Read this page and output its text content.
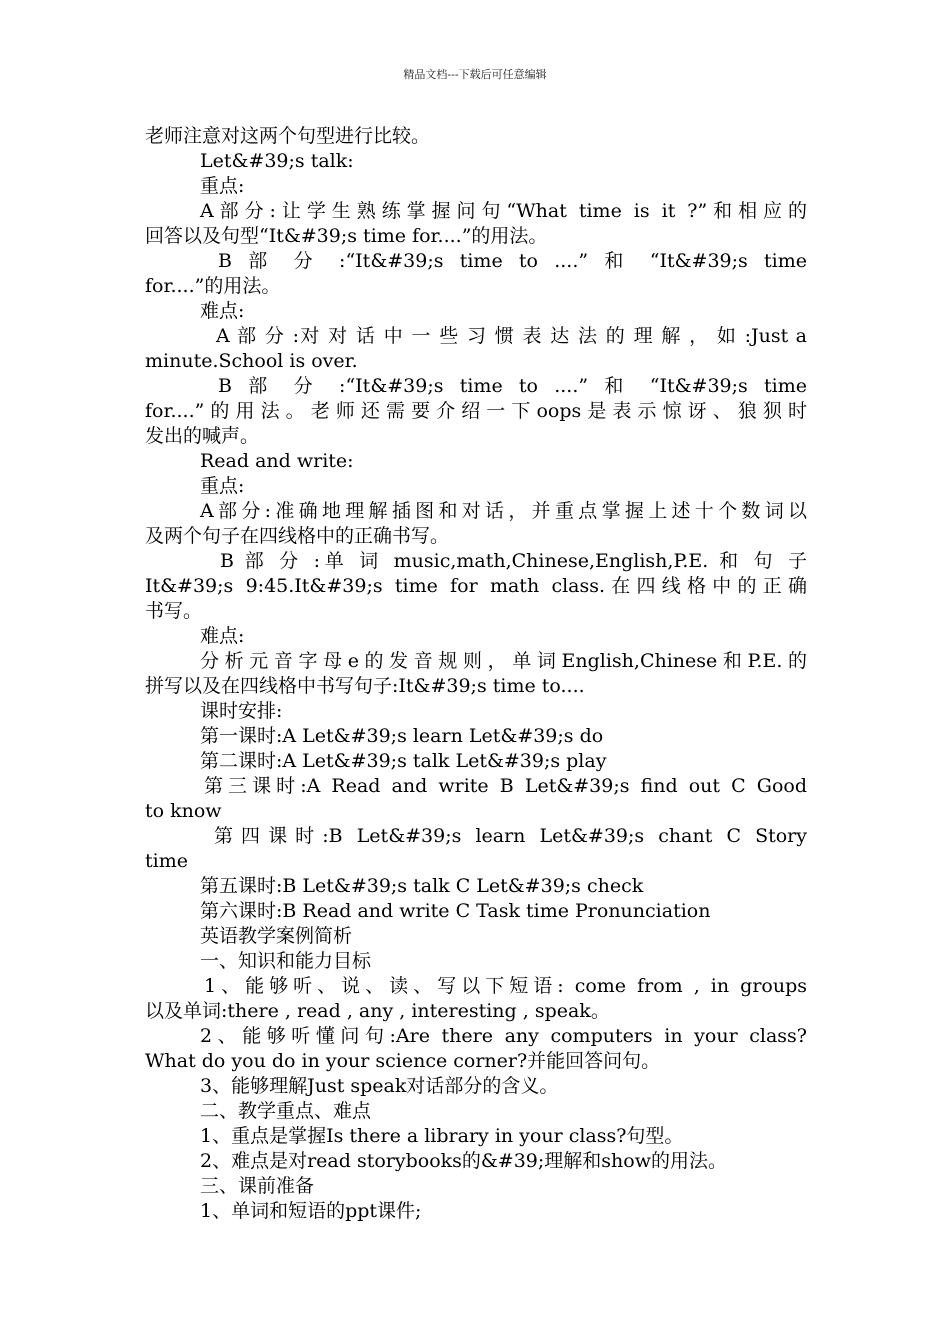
精品文档---下载后可任意编辑
老师注意对这两个句型进行比较。
Let&#39;s talk:
重点:
A部分:让学生熟练掌握问句“What time is it ?”和相应的
回答以及句型“It&#39;s time for....”的用法。
B 部 分 :“It&#39;s time to ....” 和 “It&#39;s time
for....”的用法。
难点:
A 部 分 :对 对 话 中 一 些 习 惯 表 达 法 的 理 解 ， 如 :Just a
minute.School is over.
B 部 分 :“It&#39;s time to ....” 和 “It&#39;s time
for....”的用法。老师还需要介绍一下oops是表示惊讶、狼狈时
发出的喊声。
Read and write:
重点:
A部分:准确地理解插图和对话，并重点掌握上述十个数词以
及两个句子在四线格中的正确书写。
B 部 分 :单 词 music,math,Chinese,English,P.E. 和 句 子
It&#39;s 9:45.It&#39;s time for math class.在四线格中的正确
书写。
难点:
分析元音字母e的发音规则，单词English,Chinese和P.E.的
拼写以及在四线格中书写句子:It&#39;s time to....
课时安排:
第一课时:A Let&#39;s learn Let&#39;s do
第二课时:A Let&#39;s talk Let&#39;s play
第三课时:A Read and write B Let&#39;s find out C Good
to know
第四课时:B Let&#39;s learn Let&#39;s chant C Story
time
第五课时:B Let&#39;s talk C Let&#39;s check
第六课时:B Read and write C Task time Pronunciation
英语教学案例简析
一、知识和能力目标
1、能够听、说、读、写以下短语: come from , in groups
以及单词:there , read , any , interesting , speak。
2、能够听懂问句:Are there any computers in your class?
What do you do in your science corner?并能回答问句。
3、能够理解Just speak对话部分的含义。
二、教学重点、难点
1、重点是掌握Is there a library in your class?句型。
2、难点是对read storybooks的&#39;理解和show的用法。
三、课前准备
1、单词和短语的ppt课件;
